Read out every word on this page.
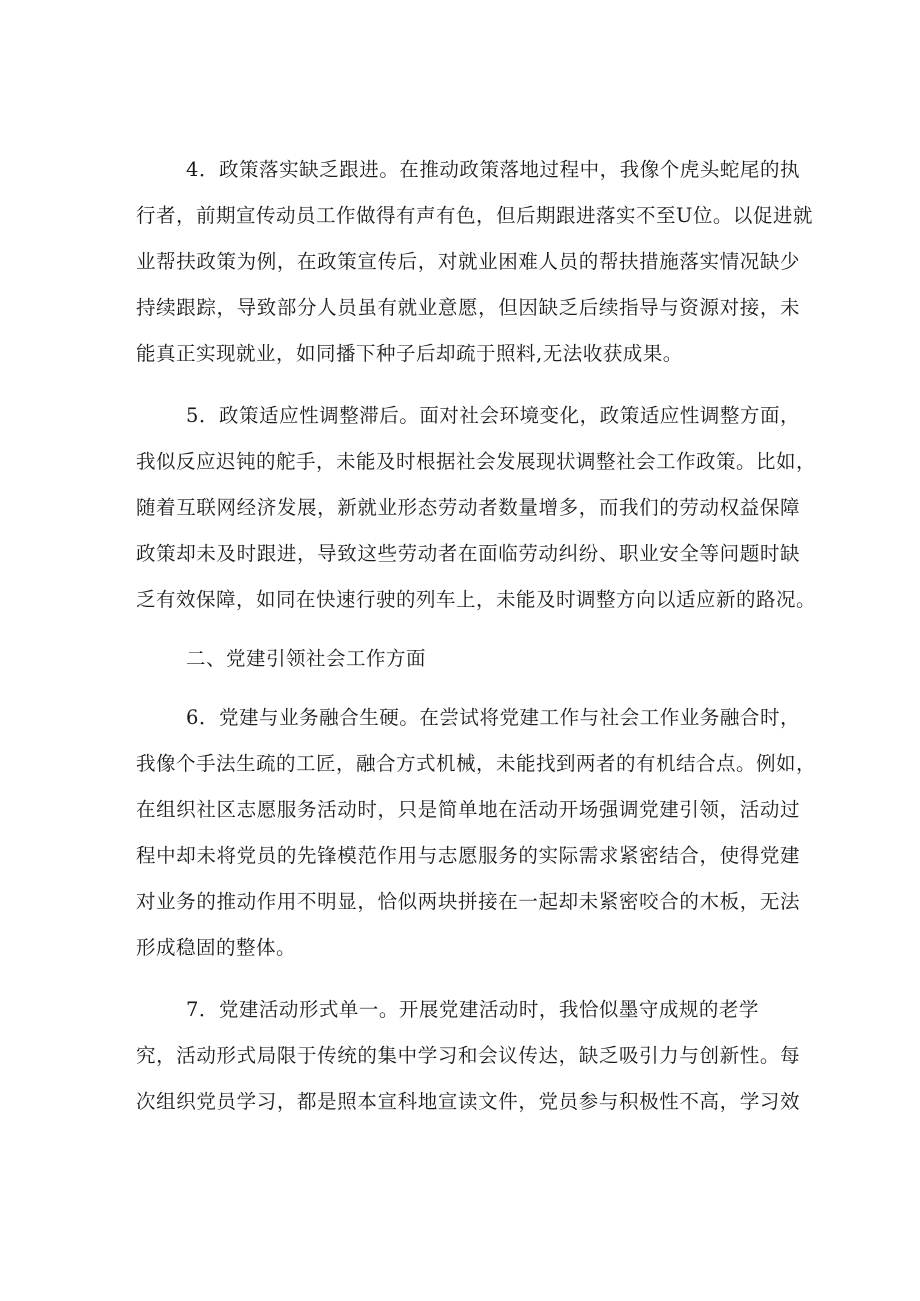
4．政策落实缺乏跟进。在推动政策落地过程中，我像个虎头蛇尾的执
行者，前期宣传动员工作做得有声有色，但后期跟进落实不至U位。以促进就
业帮扶政策为例，在政策宣传后，对就业困难人员的帮扶措施落实情况缺少
持续跟踪，导致部分人员虽有就业意愿，但因缺乏后续指导与资源对接，未
能真正实现就业，如同播下种子后却疏于照料,无法收获成果。
5．政策适应性调整滞后。面对社会环境变化，政策适应性调整方面，
我似反应迟钝的舵手，未能及时根据社会发展现状调整社会工作政策。比如，
随着互联网经济发展，新就业形态劳动者数量增多，而我们的劳动权益保障
政策却未及时跟进，导致这些劳动者在面临劳动纠纷、职业安全等问题时缺
乏有效保障，如同在快速行驶的列车上，未能及时调整方向以适应新的路况。
二、党建引领社会工作方面
6．党建与业务融合生硬。在尝试将党建工作与社会工作业务融合时，
我像个手法生疏的工匠，融合方式机械，未能找到两者的有机结合点。例如，
在组织社区志愿服务活动时，只是简单地在活动开场强调党建引领，活动过
程中却未将党员的先锋模范作用与志愿服务的实际需求紧密结合，使得党建
对业务的推动作用不明显，恰似两块拼接在一起却未紧密咬合的木板，无法
形成稳固的整体。
7．党建活动形式单一。开展党建活动时，我恰似墨守成规的老学
究，活动形式局限于传统的集中学习和会议传达，缺乏吸引力与创新性。每
次组织党员学习，都是照本宣科地宣读文件，党员参与积极性不高，学习效
